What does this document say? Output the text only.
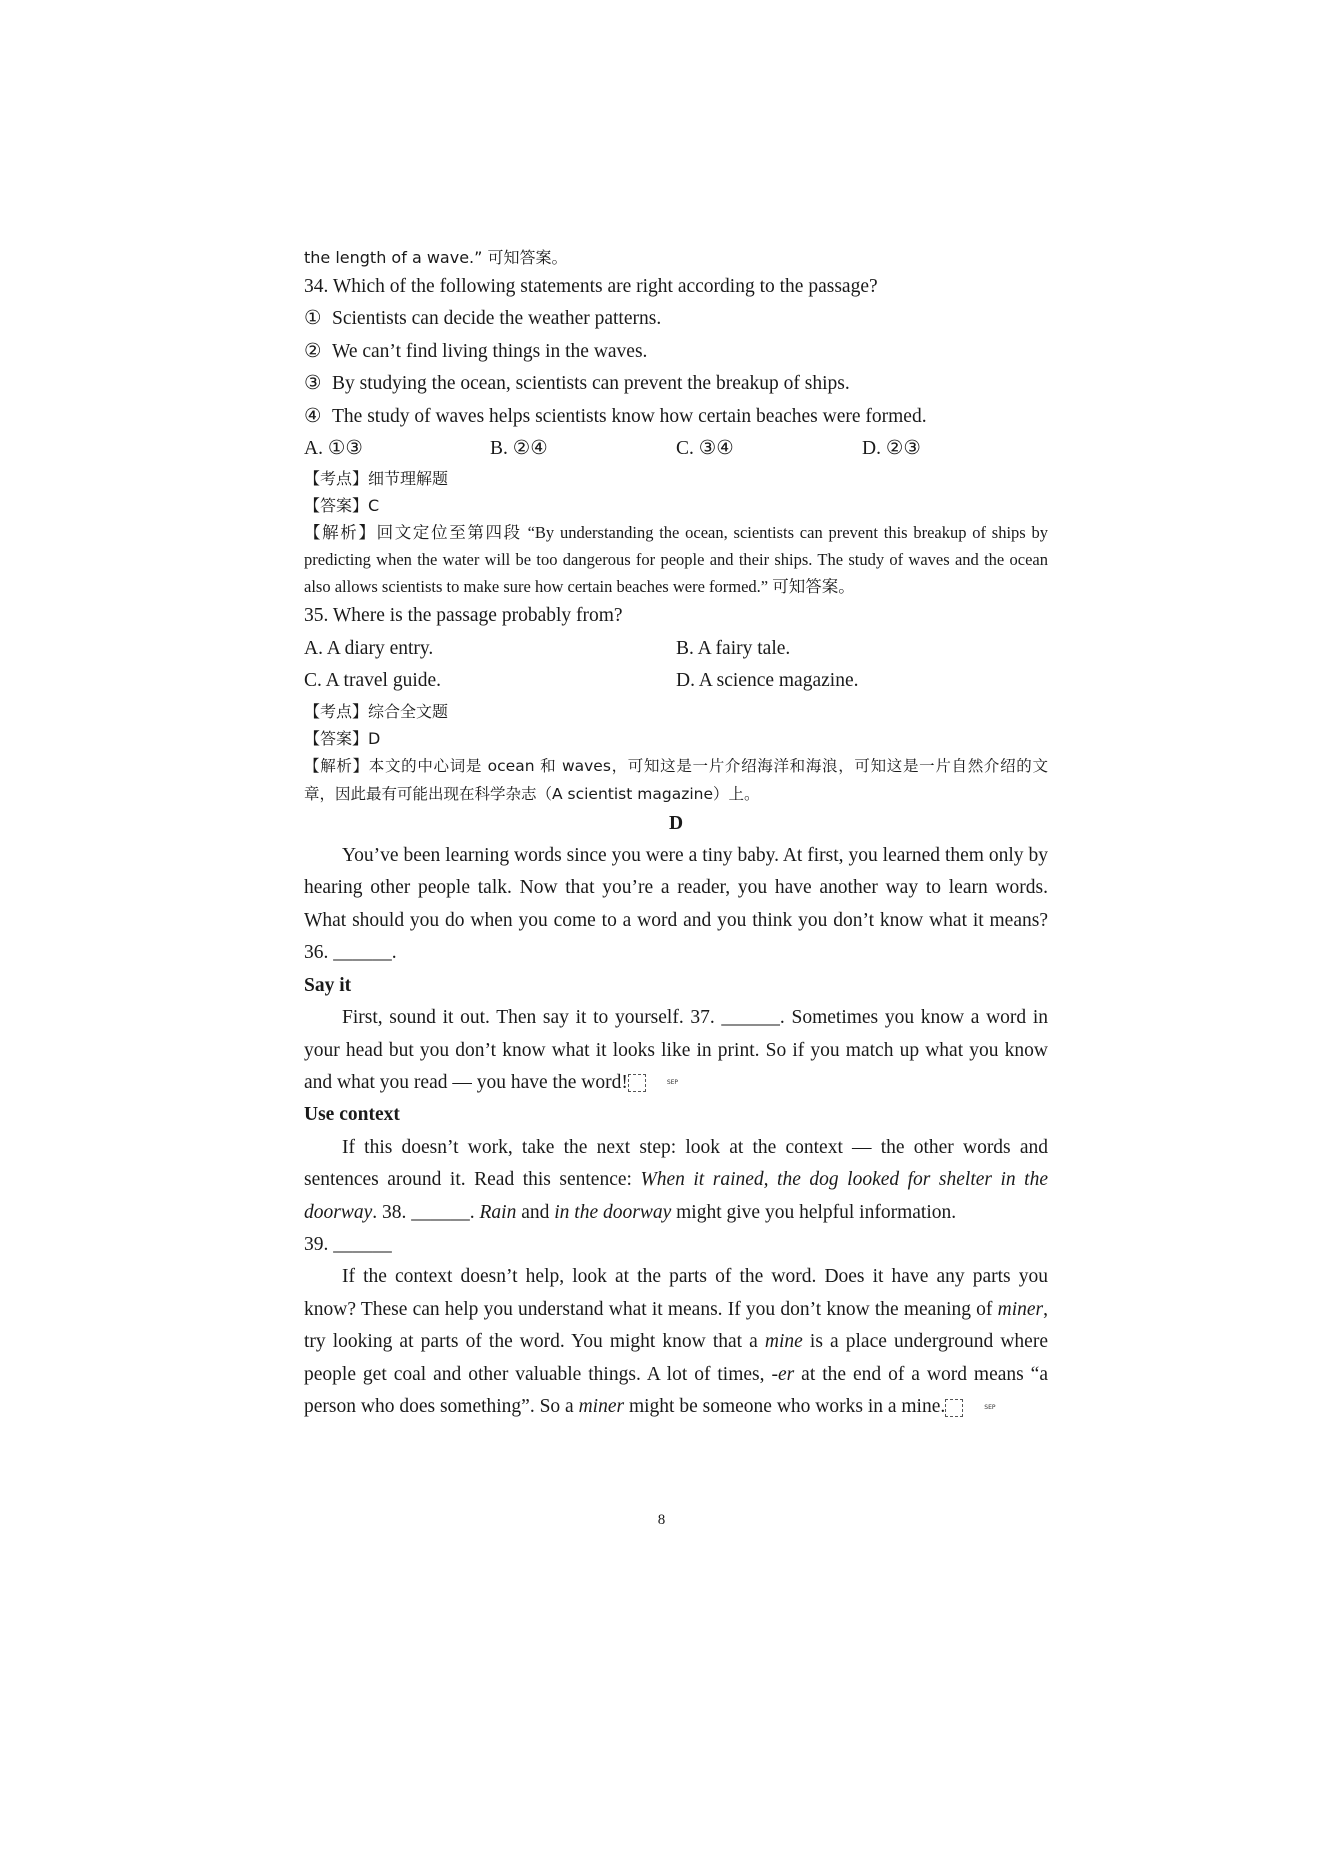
the length of a wave.” 可知答案。
34. Which of the following statements are right according to the passage?
① Scientists can decide the weather patterns.
② We can’t find living things in the waves.
③ By studying the ocean, scientists can prevent the breakup of ships.
④ The study of waves helps scientists know how certain beaches were formed.
A. ①③	B. ②④	C. ③④	D. ②③
【考点】细节理解题
【答案】C
【解析】回文定位至第四段 “By understanding the ocean, scientists can prevent this breakup of ships by predicting when the water will be too dangerous for people and their ships. The study of waves and the ocean also allows scientists to make sure how certain beaches were formed.” 可知答案。
35. Where is the passage probably from?
A. A diary entry.	B. A fairy tale.
C. A travel guide.	D. A science magazine.
【考点】综合全文题
【答案】D
【解析】本文的中心词是 ocean 和 waves，可知这是一片介绍海洋和海浪，可知这是一片自然介绍的文章，因此最有可能出现在科学杂志（A scientist magazine）上。
D
You’ve been learning words since you were a tiny baby. At first, you learned them only by hearing other people talk. Now that you’re a reader, you have another way to learn words. What should you do when you come to a word and you think you don’t know what it means? 36. ______.
Say it
First, sound it out. Then say it to yourself. 37. ______. Sometimes you know a word in your head but you don’t know what it looks like in print. So if you match up what you know and what you read — you have the word!	SEP
Use context
If this doesn’t work, take the next step: look at the context — the other words and sentences around it. Read this sentence: When it rained, the dog looked for shelter in the doorway. 38. ______. Rain and in the doorway might give you helpful information.
39. ______
If the context doesn’t help, look at the parts of the word. Does it have any parts you know? These can help you understand what it means. If you don’t know the meaning of miner, try looking at parts of the word. You might know that a mine is a place underground where people get coal and other valuable things. A lot of times, -er at the end of a word means “a person who does something”. So a miner might be someone who works in a mine.	SEP
8
